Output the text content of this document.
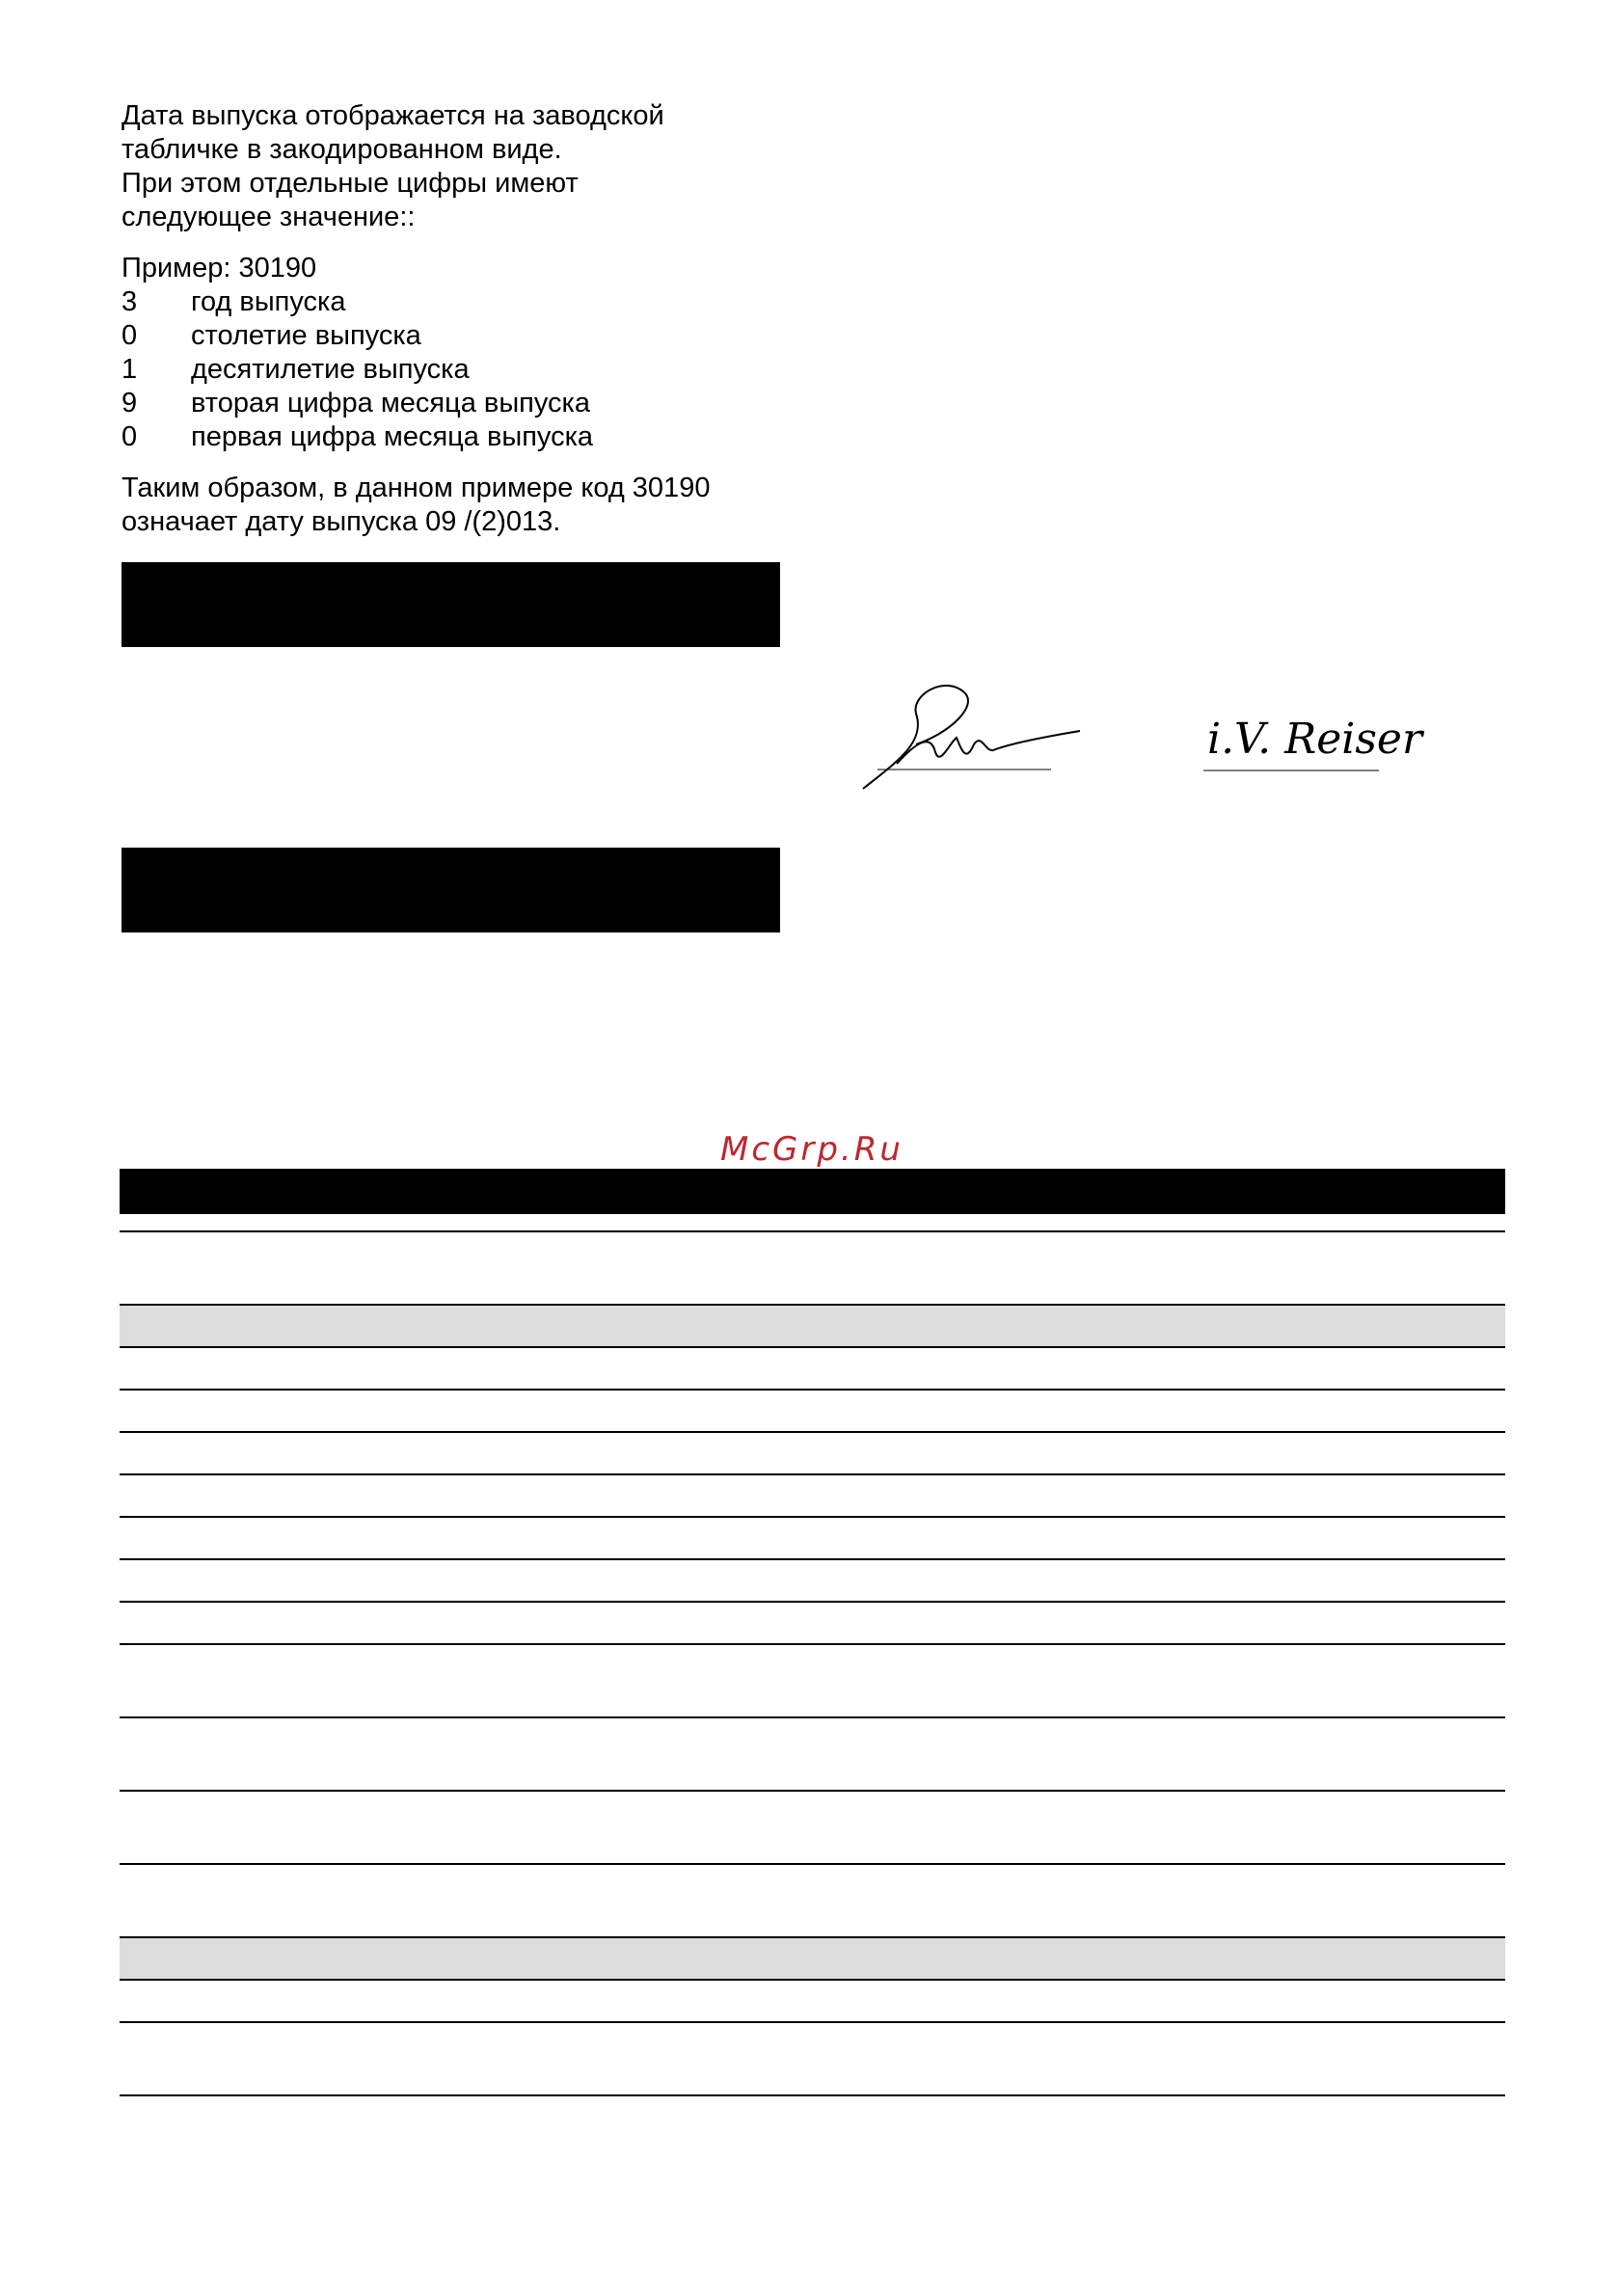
Дата выпуска отображается на заводской

табличке в закодированном виде.

При этом отдельные цифры имеют

следующее значение::

Пример: 30190

3	год выпуска
0	столетие выпуска
1	десятилетие выпуска
9	вторая цифра месяца выпуска
0	первая цифра месяца выпуска

Таким образом, в данном примере код 30190

означает дату выпуска 09 /(2)013.

i.V. Reiser
McGrp.Ru
